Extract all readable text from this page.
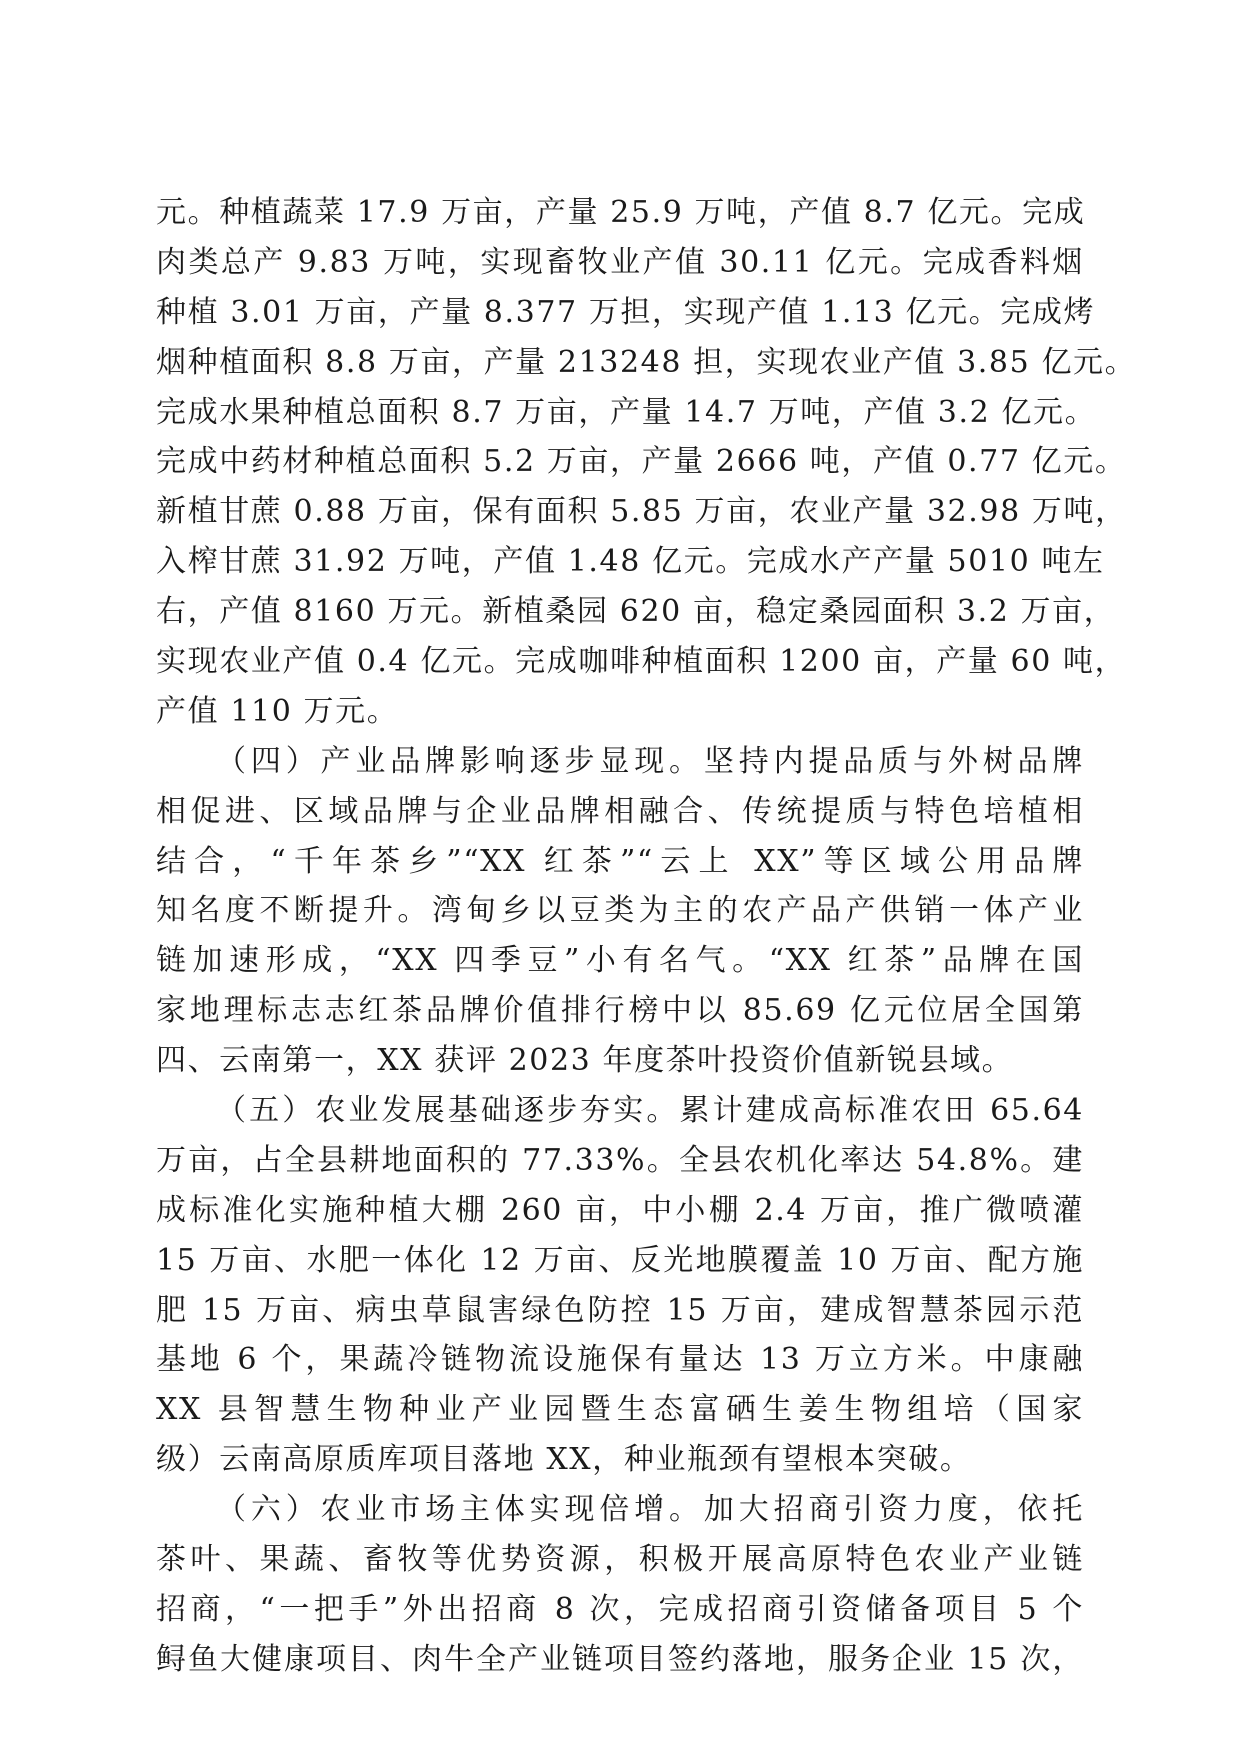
元。种植蔬菜 17.9 万亩，产量 25.9 万吨，产值 8.7 亿元。完成
肉类总产 9.83 万吨，实现畜牧业产值 30.11 亿元。完成香料烟
种植 3.01 万亩，产量 8.377 万担，实现产值 1.13 亿元。完成烤
烟种植面积 8.8 万亩，产量 213248 担，实现农业产值 3.85 亿元。
完成水果种植总面积 8.7 万亩，产量 14.7 万吨，产值 3.2 亿元。
完成中药材种植总面积 5.2 万亩，产量 2666 吨，产值 0.77 亿元。
新植甘蔗 0.88 万亩，保有面积 5.85 万亩，农业产量 32.98 万吨，
入榨甘蔗 31.92 万吨，产值 1.48 亿元。完成水产产量 5010 吨左
右，产值 8160 万元。新植桑园 620 亩，稳定桑园面积 3.2 万亩，
实现农业产值 0.4 亿元。完成咖啡种植面积 1200 亩，产量 60 吨，
产值 110 万元。
（四）产业品牌影响逐步显现。坚持内提品质与外树品牌
相促进、区域品牌与企业品牌相融合、传统提质与特色培植相
结合，“千年茶乡”“XX 红茶”“云上 XX”等区域公用品牌
知名度不断提升。湾甸乡以豆类为主的农产品产供销一体产业
链加速形成，“XX 四季豆”小有名气。“XX 红茶”品牌在国
家地理标志志红茶品牌价值排行榜中以 85.69 亿元位居全国第
四、云南第一，XX 获评 2023 年度茶叶投资价值新锐县域。
（五）农业发展基础逐步夯实。累计建成高标准农田 65.64
万亩，占全县耕地面积的 77.33%。全县农机化率达 54.8%。建
成标准化实施种植大棚 260 亩，中小棚 2.4 万亩，推广微喷灌
15 万亩、水肥一体化 12 万亩、反光地膜覆盖 10 万亩、配方施
肥 15 万亩、病虫草鼠害绿色防控 15 万亩，建成智慧茶园示范
基地 6 个，果蔬冷链物流设施保有量达 13 万立方米。中康融
XX 县智慧生物种业产业园暨生态富硒生姜生物组培（国家
级）云南高原质库项目落地 XX，种业瓶颈有望根本突破。
（六）农业市场主体实现倍增。加大招商引资力度，依托
茶叶、果蔬、畜牧等优势资源，积极开展高原特色农业产业链
招商，“一把手”外出招商 8 次，完成招商引资储备项目 5 个
鲟鱼大健康项目、肉牛全产业链项目签约落地，服务企业 15 次，
